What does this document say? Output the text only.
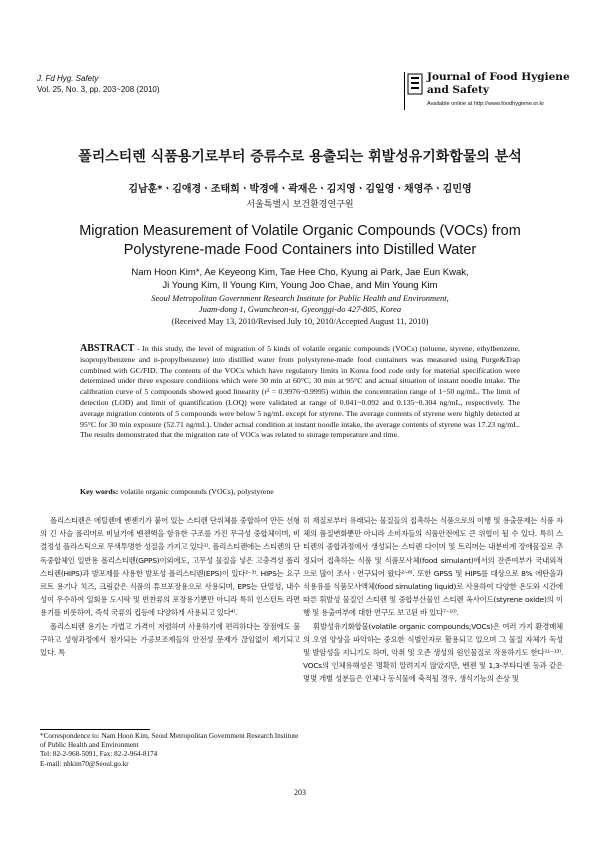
J. Fd Hyg. Safety
Vol. 25, No. 3, pp. 203~208 (2010)
Journal of Food Hygiene
and Safety
Available online at http://www.foodhygiene.or.kr
폴리스티렌 식품용기로부터 증류수로 용출되는 휘발성유기화합물의 분석
김남훈*ㆍ김애경ㆍ조태희ㆍ박경애ㆍ곽재은ㆍ김지영ㆍ김일영ㆍ채영주ㆍ김민영
서울특별시 보건환경연구원
Migration Measurement of Volatile Organic Compounds (VOCs) from
Polystyrene-made Food Containers into Distilled Water
Nam Hoon Kim*, Ae Keyeong Kim, Tae Hee Cho, Kyung ai Park, Jae Eun Kwak,
Ji Young Kim, Il Young Kim, Young Joo Chae, and Min Young Kim
Seoul Metropolitan Government Research Institute for Public Health and Environment,
Juam-dong 1, Gwancheon-si, Gyeonggi-do 427-805, Korea
(Received May 13, 2010/Revised July 10, 2010/Accepted August 11, 2010)
ABSTRACT - In this study, the level of migration of 5 kinds of volatile organic compounds (VOCs) (toluene, styrene, ethylbenzene, isopropylbenzene and n-propylbenzene) into distilled water from polystyrene-made food containers was measured using Purge&Trap combined with GC/FID. The contents of the VOCs which have regulatory limits in Korea food code only for material specification were determined under three exposure conditions which were 30 min at 60°C, 30 min at 95°C and actual situation of instant noodle intake. The calibration curve of 5 compounds showed good linearity (r² = 0.9976~0.9995) within the concentration range of 1~50 ng/mL. The limit of detection (LOD) and limit of quantification (LOQ) were validated at range of 0.041~0.092 and 0.135~0.304 ng/mL, respectively. The average migration contents of 5 compounds were below 5 ng/mL except for styrene. The average contents of styrene were highly detected at 95°C for 30 min exposure (52.71 ng/mL). Under actual condition at instant noodle intake, the average contents of styrene was 17.23 ng/mL. The results demonstrated that the migration rate of VOCs was related to storage temperature and time.
Key words: volatile organic compounds (VOCs), polystyrene

폴리스티렌은 에틸렌에 벤젠기가 붙어 있는 스티렌 단위체를 중합하여 만든 선형의 긴 사슬 폴리머로 비닐기에 벤젠핵을 함유한 구조를 가진 무극성 중합체이며, 비결정성 플라스틱으로 무색투명한 성질을 가지고 있다¹⁾. 폴리스티렌에는 스티렌의 단독중합체인 일반용 폴리스티렌(GPPS)이외에도, 고무성 물질을 넣은 고충격성 폴리스티렌(HIPS)과 발포제를 사용한 발포성 폴리스티렌(EPS)이 있다²⁻³⁾. HIPS는 요구르트 용기나 치즈, 크림같은 식품의 튜브포장용으로 사용되며, EPS는 단열성, 내수성이 우수하여 일회용 도시락 및 반찬류의 포장용기뿐만 아니라 특히 인스턴트 라면 용기를 비롯하여, 즉석 국류의 컵등에 다양하게 사용되고 있다⁴⁾.

폴리스티렌 용기는 가볍고 가격이 저렴하며 사용하기에 편리하다는 장점에도 불구하고 성형과정에서 첨가되는 가공보조제들의 안전성 문제가 끊임없이 제기되고 있다. 특

히 재질로부터 유래되는 물질들의 접촉하는 식품으로의 이행 및 용출문제는 식품 자체의 품질변화뿐만 아니라 소비자들의 식품안전에도 큰 위협이 될 수 있다. 특히 스티렌의 중합과정에서 생성되는 스티렌 다이머 및 트리머는 내분비계 장애물질로 추정되어 접촉하는 식품 및 식품모사체(food simulant)에서의 잔존여부가 국내외적으로 많이 조사ㆍ연구되어 왔다²⁻⁶⁾. 또한 GPSS 및 HIPS를 대상으로 8% 에탄올과 식용유를 식품모사액체(food simulating liquid)로 사용하여 다양한 온도와 시간에 따른 휘발성 물질인 스티렌 및 중합부산물인 스티렌 옥사이드(styrene oxide)의 이행 및 용출여부에 대한 연구도 보고된 바 있다⁷⁻¹⁰⁾.

휘발성유기화합물(volatile organic compounds;VOCs)은 여러 가지 환경매체의 오염 양상을 파악하는 중요한 식별인자로 활용되고 있으며 그 물질 자체가 독성 및 발암성을 지니기도 하며, 악취 및 오존 생성의 원인물질로 작용하기도 한다¹¹⁻¹³⁾. VOCs의 인체유해성은 명확히 알려지지 않았지만, 벤젠 및 1,3-부타디엔 등과 같은 몇몇 개별 성분들은 인체나 동식물에 축적될 경우, 생식기능의 손상 및

*Correspondence to: Nam Hoon Kim, Seoul Metropolitan Government Research Institute of Public Health and Environment
Tel: 82-2-968-5091, Fax: 82-2-964-8174
E-mail: nhkim70@Seoul.go.kr
203
